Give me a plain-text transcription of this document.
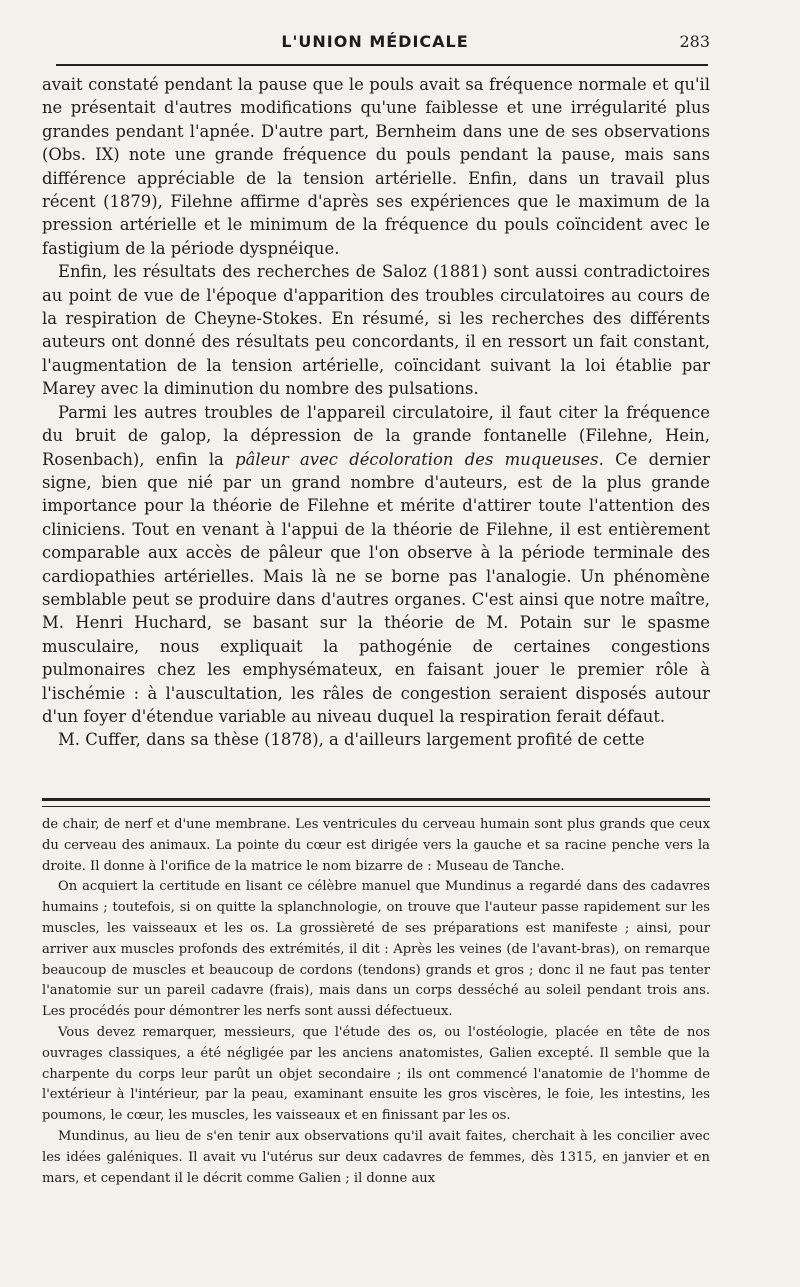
L'UNION MÉDICALE	283

avait constaté pendant la pause que le pouls avait sa fréquence normale et qu'il ne présentait d'autres modifications qu'une faiblesse et une irrégularité plus grandes pendant l'apnée. D'autre part, Bernheim dans une de ses observations (Obs. IX) note une grande fréquence du pouls pendant la pause, mais sans différence appréciable de la tension artérielle. Enfin, dans un travail plus récent (1879), Filehne affirme d'après ses expériences que le maximum de la pression artérielle et le minimum de la fréquence du pouls coïncident avec le fastigium de la période dyspnéique.

Enfin, les résultats des recherches de Saloz (1881) sont aussi contradictoires au point de vue de l'époque d'apparition des troubles circulatoires au cours de la respiration de Cheyne-Stokes. En résumé, si les recherches des différents auteurs ont donné des résultats peu concordants, il en ressort un fait constant, l'augmentation de la tension artérielle, coïncidant suivant la loi établie par Marey avec la diminution du nombre des pulsations.

Parmi les autres troubles de l'appareil circulatoire, il faut citer la fréquence du bruit de galop, la dépression de la grande fontanelle (Filehne, Hein, Rosenbach), enfin la pâleur avec décoloration des muqueuses. Ce dernier signe, bien que nié par un grand nombre d'auteurs, est de la plus grande importance pour la théorie de Filehne et mérite d'attirer toute l'attention des cliniciens. Tout en venant à l'appui de la théorie de Filehne, il est entièrement comparable aux accès de pâleur que l'on observe à la période terminale des cardiopathies artérielles. Mais là ne se borne pas l'analogie. Un phénomène semblable peut se produire dans d'autres organes. C'est ainsi que notre maître, M. Henri Huchard, se basant sur la théorie de M. Potain sur le spasme musculaire, nous expliquait la pathogénie de certaines congestions pulmonaires chez les emphysémateux, en faisant jouer le premier rôle à l'ischémie : à l'auscultation, les râles de congestion seraient disposés autour d'un foyer d'étendue variable au niveau duquel la respiration ferait défaut.

M. Cuffer, dans sa thèse (1878), a d'ailleurs largement profité de cette

de chair, de nerf et d'une membrane. Les ventricules du cerveau humain sont plus grands que ceux du cerveau des animaux. La pointe du cœur est dirigée vers la gauche et sa racine penche vers la droite. Il donne à l'orifice de la matrice le nom bizarre de : Museau de Tanche.

On acquiert la certitude en lisant ce célèbre manuel que Mundinus a regardé dans des cadavres humains ; toutefois, si on quitte la splanchnologie, on trouve que l'auteur passe rapidement sur les muscles, les vaisseaux et les os. La grossièreté de ses préparations est manifeste ; ainsi, pour arriver aux muscles profonds des extrémités, il dit : Après les veines (de l'avant-bras), on remarque beaucoup de muscles et beaucoup de cordons (tendons) grands et gros ; donc il ne faut pas tenter l'anatomie sur un pareil cadavre (frais), mais dans un corps desséché au soleil pendant trois ans. Les procédés pour démontrer les nerfs sont aussi défectueux.

Vous devez remarquer, messieurs, que l'étude des os, ou l'ostéologie, placée en tête de nos ouvrages classiques, a été négligée par les anciens anatomistes, Galien excepté. Il semble que la charpente du corps leur parût un objet secondaire ; ils ont commencé l'anatomie de l'homme de l'extérieur à l'intérieur, par la peau, examinant ensuite les gros viscères, le foie, les intestins, les poumons, le cœur, les muscles, les vaisseaux et en finissant par les os.

Mundinus, au lieu de s'en tenir aux observations qu'il avait faites, cherchait à les concilier avec les idées galéniques. Il avait vu l'utérus sur deux cadavres de femmes, dès 1315, en janvier et en mars, et cependant il le décrit comme Galien ; il donne aux
